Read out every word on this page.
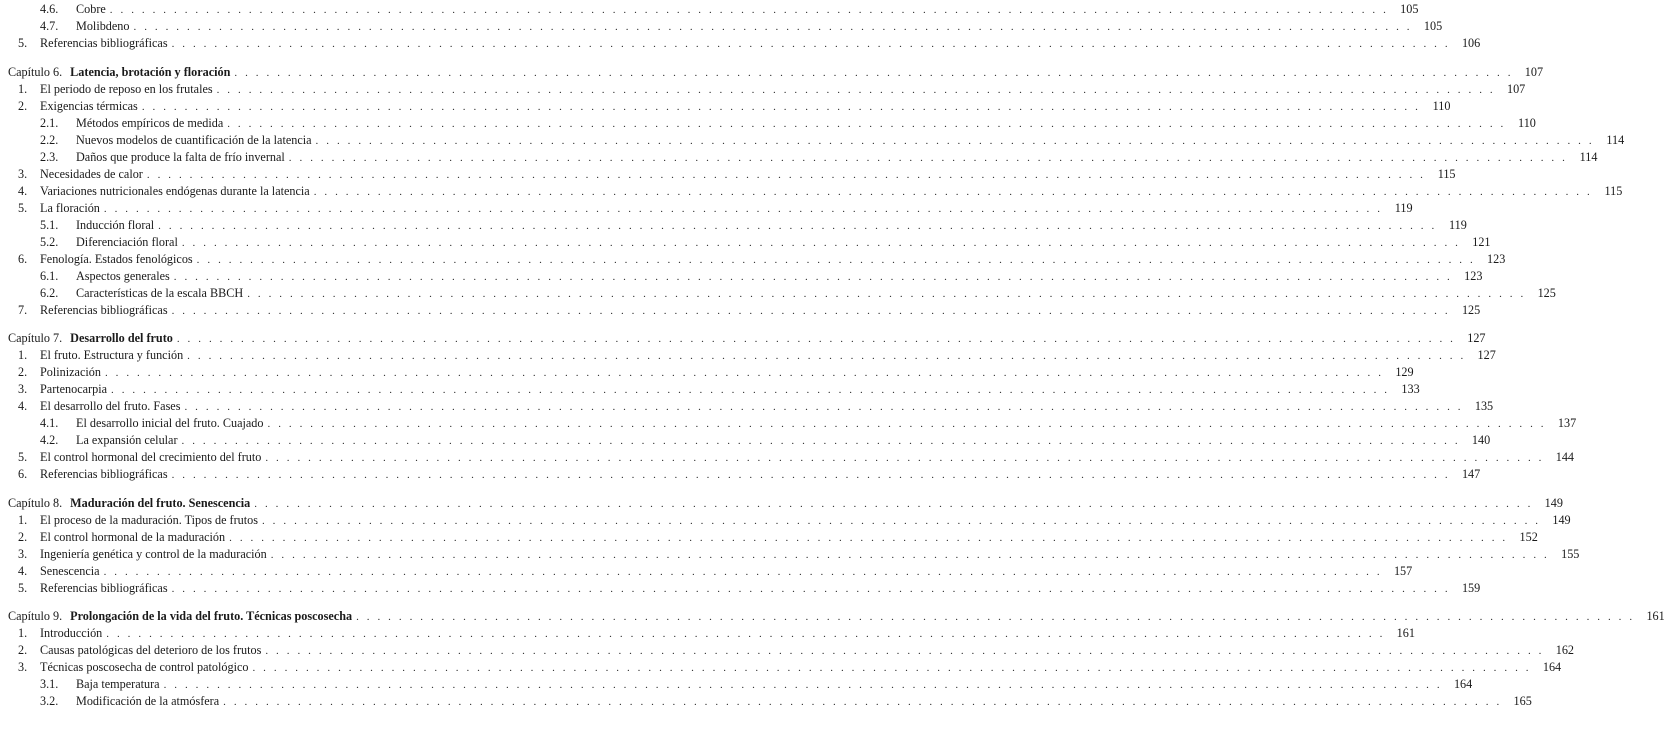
4.6. Cobre . . . . . . . . . . . . . . . . . . . . . . . . . . . . . . . . . . . . . . . . . . . . . . . . . . . . . . . . . . . . . . . . . . . . . . . . . . . . . . . . . . . . . . . . . . . . . . . . . . . . . . . . . . . . . . . . . . . . . . . . 105
4.7. Molibdeno . . . . . . . . . . . . . . . . . . . . . . . . . . . . . . . . . . . . . . . . . . . . . . . . . . . . . . . . . . . . . . . . . . . . . . . . . . . . . . . . . . . . . . . . . . . . . . . . . . . . . . . . . . . . . . . . . . . . . . . . 105
5. Referencias bibliográficas . . . . . . . . . . . . . . . . . . . . . . . . . . . . . . . . . . . . . . . . . . . . . . . . . . . . . . . . . . . . . . . . . . . . . . . . . . . . . . . . . . . . . . . . . . . . . . . . . . . . . . . . . . . . . . . . . . . . . . . . 106
Capítulo 6. Latencia, brotación y floración . . . . . . . . . . . . . . . . . . . . . . . . . . . . . . . . . . . . . . . . . . . . . . . . . . . . . . . . . . . . . . . . . . . . . . . . . . . . . . . . . . . . . . . . . . . . . . . . . . . . . . . . . . . . . . . . . . . . . . . . 107
1. El periodo de reposo en los frutales . . . . . . . . . . . . . . . . . . . . . . . . . . . . . . . . . . . . . . . . . . . . . . . . . . . . . . . . . . . . . . . . . . . . . . . . . . . . . . . . . . . . . . . . . . . . . . . . . . . . . . . . . . . . . . . . . . . . . . . . 107
2. Exigencias térmicas . . . . . . . . . . . . . . . . . . . . . . . . . . . . . . . . . . . . . . . . . . . . . . . . . . . . . . . . . . . . . . . . . . . . . . . . . . . . . . . . . . . . . . . . . . . . . . . . . . . . . . . . . . . . . . . . . . . . . . . . 110
2.1. Métodos empíricos de medida . . . . . . . . . . . . . . . . . . . . . . . . . . . . . . . . . . . . . . . . . . . . . . . . . . . . . . . . . . . . . . . . . . . . . . . . . . . . . . . . . . . . . . . . . . . . . . . . . . . . . . . . . . . . . . . . . . . . . . . . 110
2.2. Nuevos modelos de cuantificación de la latencia . . . . . . . . . . . . . . . . . . . . . . . . . . . . . . . . . . . . . . . . . . . . . . . . . . . . . . . . . . . . . . . . . . . . . . . . . . . . . . . . . . . . . . . . . . . . . . . . . . . . . . . . . . . . . . . . . . . . . . . . 114
2.3. Daños que produce la falta de frío invernal . . . . . . . . . . . . . . . . . . . . . . . . . . . . . . . . . . . . . . . . . . . . . . . . . . . . . . . . . . . . . . . . . . . . . . . . . . . . . . . . . . . . . . . . . . . . . . . . . . . . . . . . . . . . . . . . . . . . . . . . 114
3. Necesidades de calor . . . . . . . . . . . . . . . . . . . . . . . . . . . . . . . . . . . . . . . . . . . . . . . . . . . . . . . . . . . . . . . . . . . . . . . . . . . . . . . . . . . . . . . . . . . . . . . . . . . . . . . . . . . . . . . . . . . . . . . . 115
4. Variaciones nutricionales endógenas durante la latencia . . . . . . . . . . . . . . . . . . . . . . . . . . . . . . . . . . . . . . . . . . . . . . . . . . . . . . . . . . . . . . . . . . . . . . . . . . . . . . . . . . . . . . . . . . . . . . . . . . . . . . . . . . . . . . . . . . . . . . . . 115
5. La floración . . . . . . . . . . . . . . . . . . . . . . . . . . . . . . . . . . . . . . . . . . . . . . . . . . . . . . . . . . . . . . . . . . . . . . . . . . . . . . . . . . . . . . . . . . . . . . . . . . . . . . . . . . . . . . . . . . . . . . . . 119
5.1. Inducción floral . . . . . . . . . . . . . . . . . . . . . . . . . . . . . . . . . . . . . . . . . . . . . . . . . . . . . . . . . . . . . . . . . . . . . . . . . . . . . . . . . . . . . . . . . . . . . . . . . . . . . . . . . . . . . . . . . . . . . . . . 119
5.2. Diferenciación floral . . . . . . . . . . . . . . . . . . . . . . . . . . . . . . . . . . . . . . . . . . . . . . . . . . . . . . . . . . . . . . . . . . . . . . . . . . . . . . . . . . . . . . . . . . . . . . . . . . . . . . . . . . . . . . . . . . . . . . . . 121
6. Fenología. Estados fenológicos . . . . . . . . . . . . . . . . . . . . . . . . . . . . . . . . . . . . . . . . . . . . . . . . . . . . . . . . . . . . . . . . . . . . . . . . . . . . . . . . . . . . . . . . . . . . . . . . . . . . . . . . . . . . . . . . . . . . . . . . 123
6.1. Aspectos generales . . . . . . . . . . . . . . . . . . . . . . . . . . . . . . . . . . . . . . . . . . . . . . . . . . . . . . . . . . . . . . . . . . . . . . . . . . . . . . . . . . . . . . . . . . . . . . . . . . . . . . . . . . . . . . . . . . . . . . . . 123
6.2. Características de la escala BBCH . . . . . . . . . . . . . . . . . . . . . . . . . . . . . . . . . . . . . . . . . . . . . . . . . . . . . . . . . . . . . . . . . . . . . . . . . . . . . . . . . . . . . . . . . . . . . . . . . . . . . . . . . . . . . . . . . . . . . . . . 125
7. Referencias bibliográficas . . . . . . . . . . . . . . . . . . . . . . . . . . . . . . . . . . . . . . . . . . . . . . . . . . . . . . . . . . . . . . . . . . . . . . . . . . . . . . . . . . . . . . . . . . . . . . . . . . . . . . . . . . . . . . . . . . . . . . . . 125
Capítulo 7. Desarrollo del fruto . . . . . . . . . . . . . . . . . . . . . . . . . . . . . . . . . . . . . . . . . . . . . . . . . . . . . . . . . . . . . . . . . . . . . . . . . . . . . . . . . . . . . . . . . . . . . . . . . . . . . . . . . . . . . . . . . . . . . . . . 127
1. El fruto. Estructura y función . . . . . . . . . . . . . . . . . . . . . . . . . . . . . . . . . . . . . . . . . . . . . . . . . . . . . . . . . . . . . . . . . . . . . . . . . . . . . . . . . . . . . . . . . . . . . . . . . . . . . . . . . . . . . . . . . . . . . . . . 127
2. Polinización . . . . . . . . . . . . . . . . . . . . . . . . . . . . . . . . . . . . . . . . . . . . . . . . . . . . . . . . . . . . . . . . . . . . . . . . . . . . . . . . . . . . . . . . . . . . . . . . . . . . . . . . . . . . . . . . . . . . . . . . 129
3. Partenocarpia . . . . . . . . . . . . . . . . . . . . . . . . . . . . . . . . . . . . . . . . . . . . . . . . . . . . . . . . . . . . . . . . . . . . . . . . . . . . . . . . . . . . . . . . . . . . . . . . . . . . . . . . . . . . . . . . . . . . . . . . 133
4. El desarrollo del fruto. Fases . . . . . . . . . . . . . . . . . . . . . . . . . . . . . . . . . . . . . . . . . . . . . . . . . . . . . . . . . . . . . . . . . . . . . . . . . . . . . . . . . . . . . . . . . . . . . . . . . . . . . . . . . . . . . . . . . . . . . . . . 135
4.1. El desarrollo inicial del fruto. Cuajado . . . . . . . . . . . . . . . . . . . . . . . . . . . . . . . . . . . . . . . . . . . . . . . . . . . . . . . . . . . . . . . . . . . . . . . . . . . . . . . . . . . . . . . . . . . . . . . . . . . . . . . . . . . . . . . . . . . . . . . . 137
4.2. La expansión celular . . . . . . . . . . . . . . . . . . . . . . . . . . . . . . . . . . . . . . . . . . . . . . . . . . . . . . . . . . . . . . . . . . . . . . . . . . . . . . . . . . . . . . . . . . . . . . . . . . . . . . . . . . . . . . . . . . . . . . . . 140
5. El control hormonal del crecimiento del fruto . . . . . . . . . . . . . . . . . . . . . . . . . . . . . . . . . . . . . . . . . . . . . . . . . . . . . . . . . . . . . . . . . . . . . . . . . . . . . . . . . . . . . . . . . . . . . . . . . . . . . . . . . . . . . . . . . . . . . . . . 144
6. Referencias bibliográficas . . . . . . . . . . . . . . . . . . . . . . . . . . . . . . . . . . . . . . . . . . . . . . . . . . . . . . . . . . . . . . . . . . . . . . . . . . . . . . . . . . . . . . . . . . . . . . . . . . . . . . . . . . . . . . . . . . . . . . . . 147
Capítulo 8. Maduración del fruto. Senescencia . . . . . . . . . . . . . . . . . . . . . . . . . . . . . . . . . . . . . . . . . . . . . . . . . . . . . . . . . . . . . . . . . . . . . . . . . . . . . . . . . . . . . . . . . . . . . . . . . . . . . . . . . . . . . . . . . . . . . . . . 149
1. El proceso de la maduración. Tipos de frutos . . . . . . . . . . . . . . . . . . . . . . . . . . . . . . . . . . . . . . . . . . . . . . . . . . . . . . . . . . . . . . . . . . . . . . . . . . . . . . . . . . . . . . . . . . . . . . . . . . . . . . . . . . . . . . . . . . . . . . . . 149
2. El control hormonal de la maduración . . . . . . . . . . . . . . . . . . . . . . . . . . . . . . . . . . . . . . . . . . . . . . . . . . . . . . . . . . . . . . . . . . . . . . . . . . . . . . . . . . . . . . . . . . . . . . . . . . . . . . . . . . . . . . . . . . . . . . . . 152
3. Ingeniería genética y control de la maduración . . . . . . . . . . . . . . . . . . . . . . . . . . . . . . . . . . . . . . . . . . . . . . . . . . . . . . . . . . . . . . . . . . . . . . . . . . . . . . . . . . . . . . . . . . . . . . . . . . . . . . . . . . . . . . . . . . . . . . . . 155
4. Senescencia . . . . . . . . . . . . . . . . . . . . . . . . . . . . . . . . . . . . . . . . . . . . . . . . . . . . . . . . . . . . . . . . . . . . . . . . . . . . . . . . . . . . . . . . . . . . . . . . . . . . . . . . . . . . . . . . . . . . . . . . 157
5. Referencias bibliográficas . . . . . . . . . . . . . . . . . . . . . . . . . . . . . . . . . . . . . . . . . . . . . . . . . . . . . . . . . . . . . . . . . . . . . . . . . . . . . . . . . . . . . . . . . . . . . . . . . . . . . . . . . . . . . . . . . . . . . . . . 159
Capítulo 9. Prolongación de la vida del fruto. Técnicas poscosecha . . . . . . . . . . . . . . . . . . . . . . . . . . . . . . . . . . . . . . . . . . . . . . . . . . . . . . . . . . . . . . . . . . . . . . . . . . . . . . . . . . . . . . . . . . . . . . . . . . . . . . . . . . . . . . . . . . . . . . . . 161
1. Introducción . . . . . . . . . . . . . . . . . . . . . . . . . . . . . . . . . . . . . . . . . . . . . . . . . . . . . . . . . . . . . . . . . . . . . . . . . . . . . . . . . . . . . . . . . . . . . . . . . . . . . . . . . . . . . . . . . . . . . . . . 161
2. Causas patológicas del deterioro de los frutos . . . . . . . . . . . . . . . . . . . . . . . . . . . . . . . . . . . . . . . . . . . . . . . . . . . . . . . . . . . . . . . . . . . . . . . . . . . . . . . . . . . . . . . . . . . . . . . . . . . . . . . . . . . . . . . . . . . . . . . . 162
3. Técnicas poscosecha de control patológico . . . . . . . . . . . . . . . . . . . . . . . . . . . . . . . . . . . . . . . . . . . . . . . . . . . . . . . . . . . . . . . . . . . . . . . . . . . . . . . . . . . . . . . . . . . . . . . . . . . . . . . . . . . . . . . . . . . . . . . . 164
3.1. Baja temperatura . . . . . . . . . . . . . . . . . . . . . . . . . . . . . . . . . . . . . . . . . . . . . . . . . . . . . . . . . . . . . . . . . . . . . . . . . . . . . . . . . . . . . . . . . . . . . . . . . . . . . . . . . . . . . . . . . . . . . . . . 164
3.2. Modificación de la atmósfera . . . . . . . . . . . . . . . . . . . . . . . . . . . . . . . . . . . . . . . . . . . . . . . . . . . . . . . . . . . . . . . . . . . . . . . . . . . . . . . . . . . . . . . . . . . . . . . . . . . . . . . . . . . . . . . . . . . . . . . . 165
